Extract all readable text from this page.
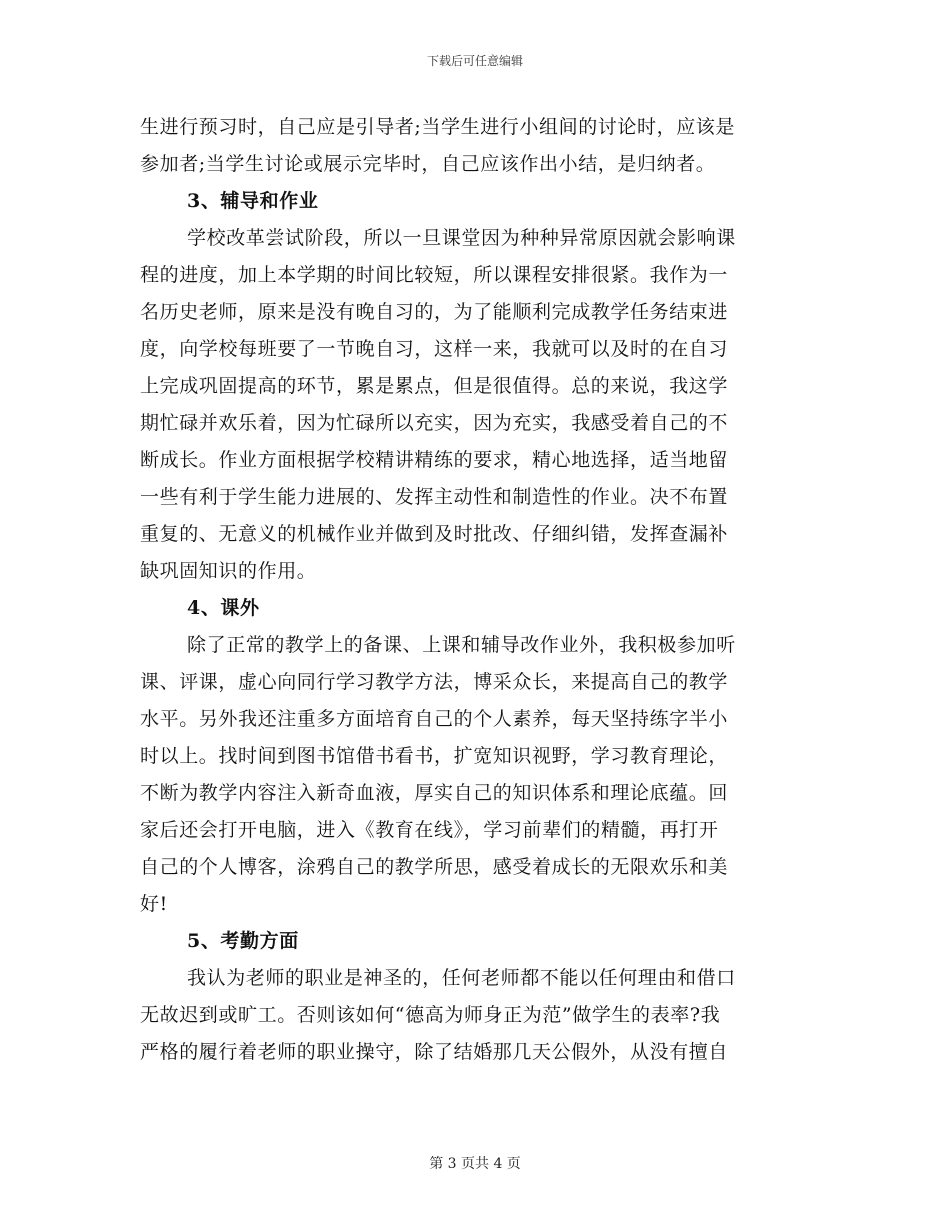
下载后可任意编辑
生进行预习时，自己应是引导者;当学生进行小组间的讨论时，应该是
参加者;当学生讨论或展示完毕时，自己应该作出小结，是归纳者。
3、辅导和作业
学校改革尝试阶段，所以一旦课堂因为种种异常原因就会影响课
程的进度，加上本学期的时间比较短，所以课程安排很紧。我作为一
名历史老师，原来是没有晚自习的，为了能顺利完成教学任务结束进
度，向学校每班要了一节晚自习，这样一来，我就可以及时的在自习
上完成巩固提高的环节，累是累点，但是很值得。总的来说，我这学
期忙碌并欢乐着，因为忙碌所以充实，因为充实，我感受着自己的不
断成长。作业方面根据学校精讲精练的要求，精心地选择，适当地留
一些有利于学生能力进展的、发挥主动性和制造性的作业。决不布置
重复的、无意义的机械作业并做到及时批改、仔细纠错，发挥查漏补
缺巩固知识的作用。
4、课外
除了正常的教学上的备课、上课和辅导改作业外，我积极参加听
课、评课，虚心向同行学习教学方法，博采众长，来提高自己的教学
水平。另外我还注重多方面培育自己的个人素养，每天坚持练字半小
时以上。找时间到图书馆借书看书，扩宽知识视野，学习教育理论，
不断为教学内容注入新奇血液，厚实自己的知识体系和理论底蕴。回
家后还会打开电脑，进入《教育在线》，学习前辈们的精髓，再打开
自己的个人博客，涂鸦自己的教学所思，感受着成长的无限欢乐和美
好!
5、考勤方面
我认为老师的职业是神圣的，任何老师都不能以任何理由和借口
无故迟到或旷工。否则该如何“德高为师身正为范”做学生的表率?我
严格的履行着老师的职业操守，除了结婚那几天公假外，从没有擅自
第 3 页共 4 页
